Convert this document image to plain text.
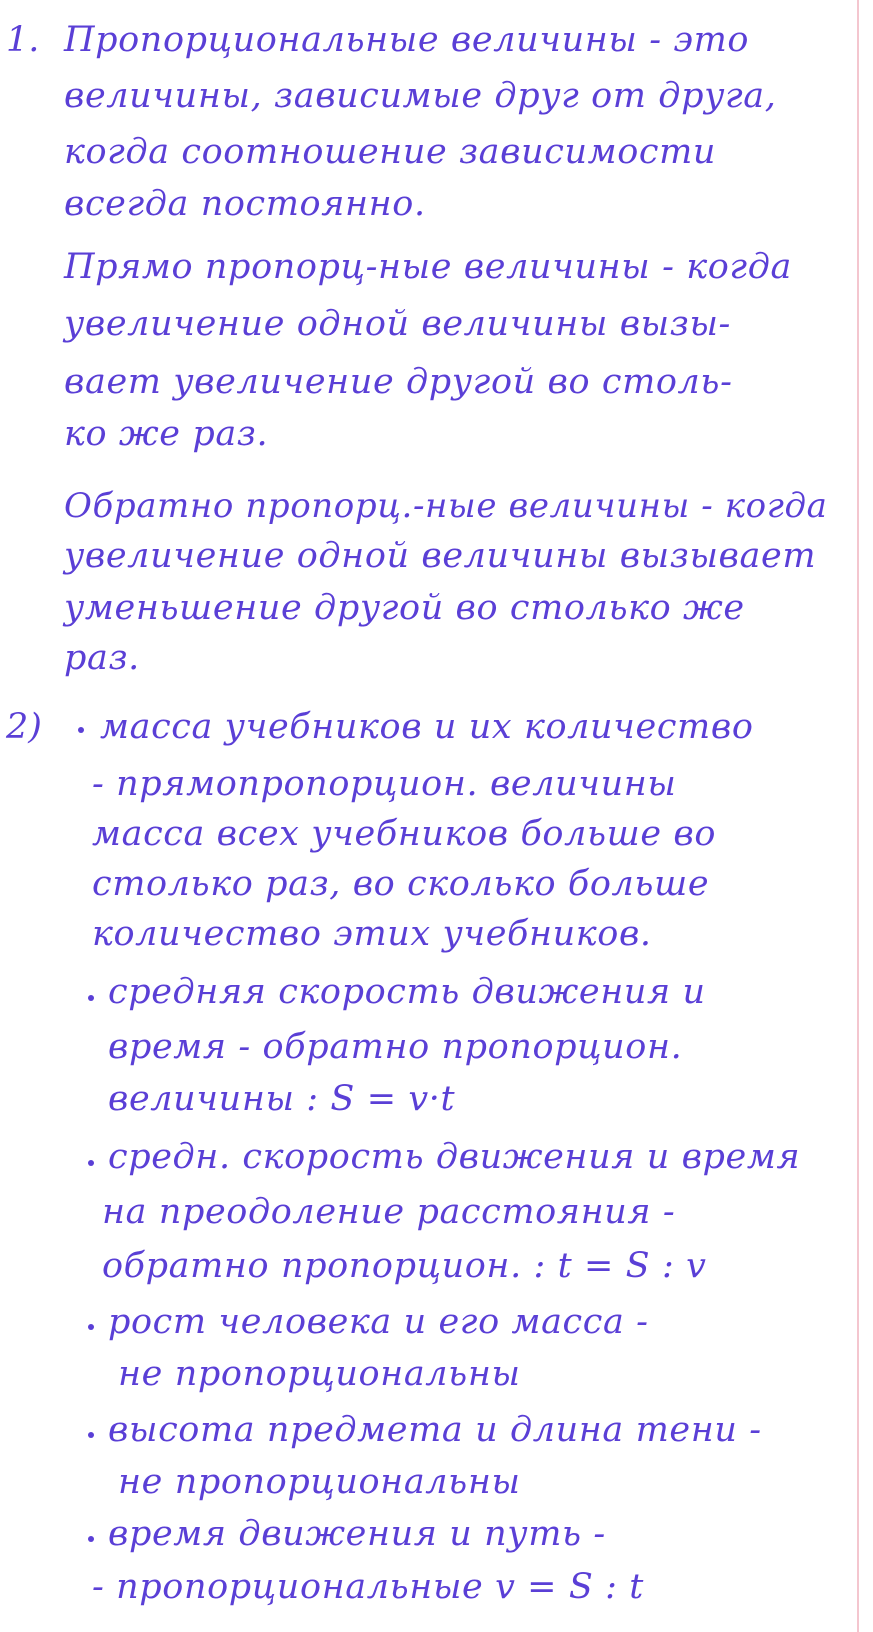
1. Пропорциональные величины - это
величины, зависимые друг от друга,
когда соотношение зависимости
всегда постоянно.
Прямо пропорц-ные величины - когда
увеличение одной величины вызы-
вает увеличение другой во столь-
ко же раз.
Обратно пропорц.-ные величины - когда
увеличение одной величины вызывает
уменьшение другой во столько же
раз.
2) масса учебников и их количество
- прямопропорцион. величины
масса всех учебников больше во
столько раз, во сколько больше
количество этих учебников.
средняя скорость движения и
время - обратно пропорцион.
величины : S = v·t
средн. скорость движения и время
на преодоление расстояния -
обратно пропорцион. : t = S : v
рост человека и его масса -
не пропорциональны
высота предмета и длина тени -
не пропорциональны
время движения и путь -
- пропорциональные v = S : t
